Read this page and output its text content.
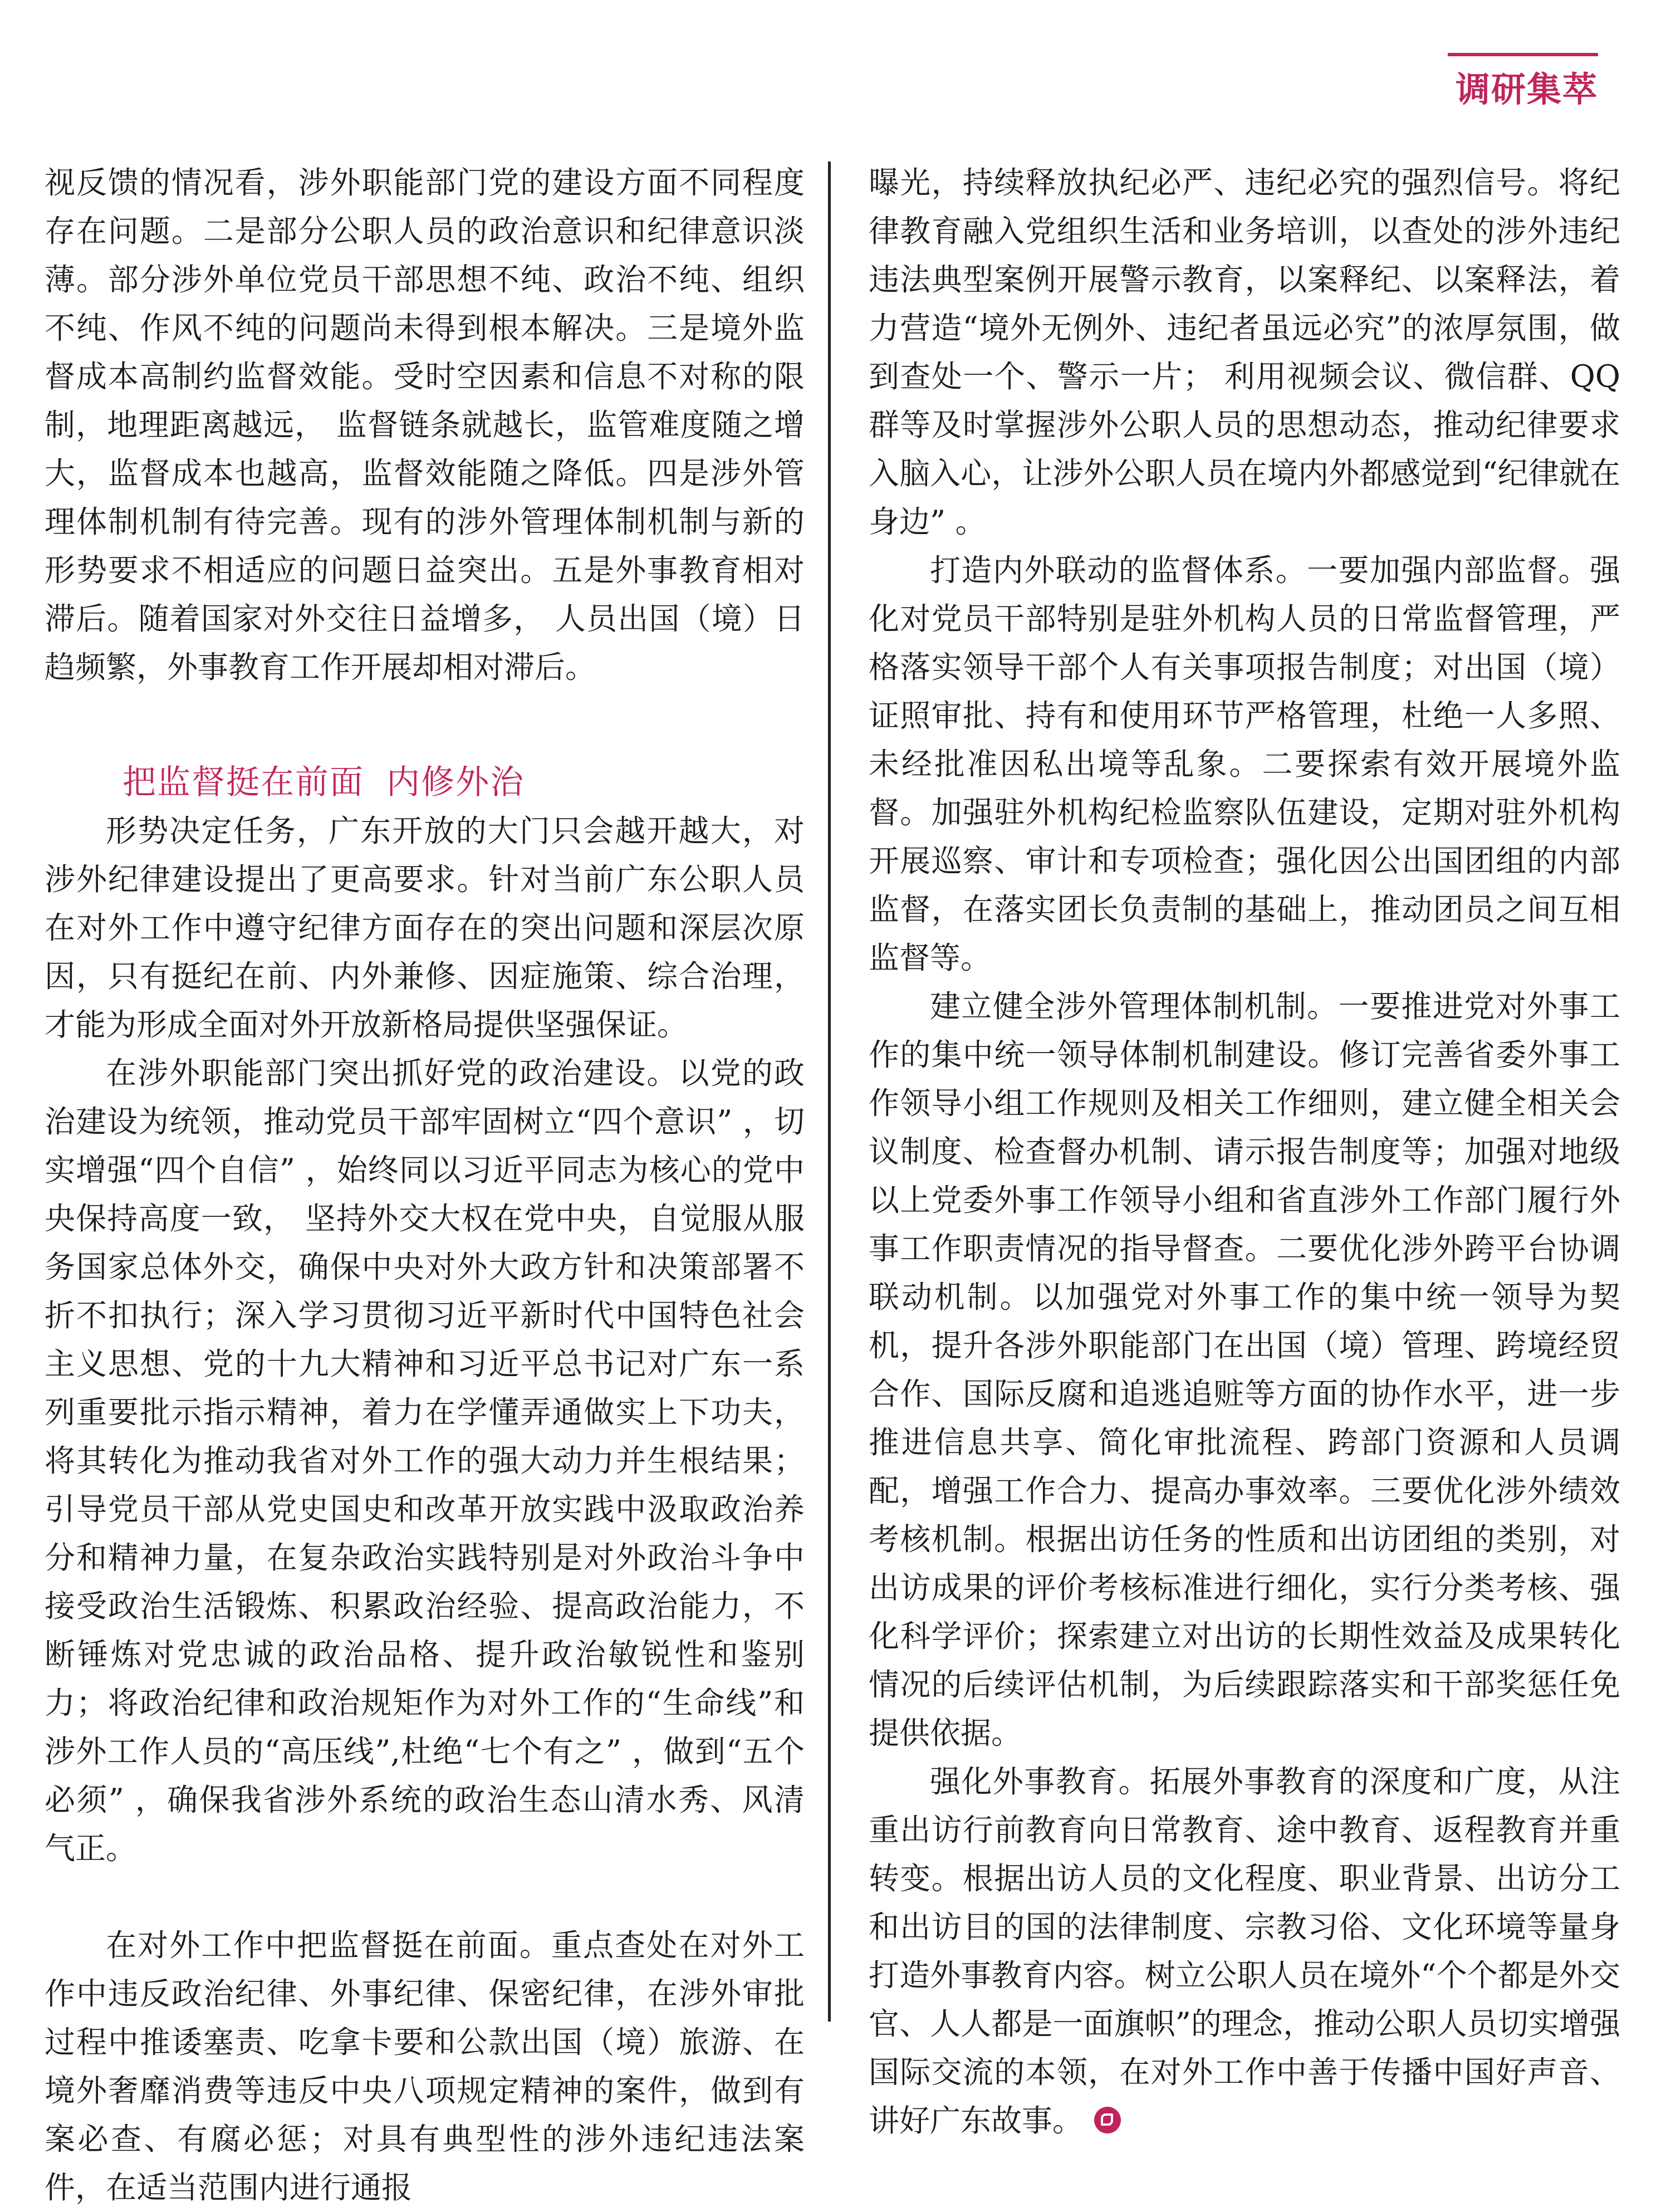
调研集萃

视反馈的情况看，涉外职能部门党的建设方面不同程度存在问题。二是部分公职人员的政治意识和纪律意识淡薄。部分涉外单位党员干部思想不纯、政治不纯、组织不纯、作风不纯的问题尚未得到根本解决。三是境外监督成本高制约监督效能。受时空因素和信息不对称的限制，地理距离越远， 监督链条就越长，监管难度随之增大，监督成本也越高，监督效能随之降低。四是涉外管理体制机制有待完善。现有的涉外管理体制机制与新的形势要求不相适应的问题日益突出。五是外事教育相对滞后。随着国家对外交往日益增多， 人员出国（境）日趋频繁，外事教育工作开展却相对滞后。

把监督挺在前面 内修外治

形势决定任务，广东开放的大门只会越开越大，对涉外纪律建设提出了更高要求。针对当前广东公职人员在对外工作中遵守纪律方面存在的突出问题和深层次原因，只有挺纪在前、内外兼修、因症施策、综合治理，才能为形成全面对外开放新格局提供坚强保证。

在涉外职能部门突出抓好党的政治建设。以党的政治建设为统领，推动党员干部牢固树立“四个意识” ，切实增强“四个自信” ，始终同以习近平同志为核心的党中央保持高度一致， 坚持外交大权在党中央，自觉服从服务国家总体外交，确保中央对外大政方针和决策部署不折不扣执行；深入学习贯彻习近平新时代中国特色社会主义思想、党的十九大精神和习近平总书记对广东一系列重要批示指示精神，着力在学懂弄通做实上下功夫，将其转化为推动我省对外工作的强大动力并生根结果；引导党员干部从党史国史和改革开放实践中汲取政治养分和精神力量，在复杂政治实践特别是对外政治斗争中接受政治生活锻炼、积累政治经验、提高政治能力，不断锤炼对党忠诚的政治品格、提升政治敏锐性和鉴别力；将政治纪律和政治规矩作为对外工作的“生命线”和涉外工作人员的“高压线”,杜绝“七个有之” ，做到“五个必须” ，确保我省涉外系统的政治生态山清水秀、风清气正。

在对外工作中把监督挺在前面。重点查处在对外工作中违反政治纪律、外事纪律、保密纪律，在涉外审批过程中推诿塞责、吃拿卡要和公款出国（境）旅游、在境外奢靡消费等违反中央八项规定精神的案件，做到有案必查、有腐必惩；对具有典型性的涉外违纪违法案件，在适当范围内进行通报

曝光，持续释放执纪必严、违纪必究的强烈信号。将纪律教育融入党组织生活和业务培训，以查处的涉外违纪违法典型案例开展警示教育，以案释纪、以案释法，着力营造“境外无例外、违纪者虽远必究”的浓厚氛围，做到查处一个、警示一片； 利用视频会议、微信群、QQ 群等及时掌握涉外公职人员的思想动态，推动纪律要求入脑入心，让涉外公职人员在境内外都感觉到“纪律就在身边” 。

打造内外联动的监督体系。一要加强内部监督。强化对党员干部特别是驻外机构人员的日常监督管理，严格落实领导干部个人有关事项报告制度；对出国（境）证照审批、持有和使用环节严格管理，杜绝一人多照、未经批准因私出境等乱象。二要探索有效开展境外监督。加强驻外机构纪检监察队伍建设，定期对驻外机构开展巡察、审计和专项检查；强化因公出国团组的内部监督，在落实团长负责制的基础上，推动团员之间互相监督等。

建立健全涉外管理体制机制。一要推进党对外事工作的集中统一领导体制机制建设。修订完善省委外事工作领导小组工作规则及相关工作细则，建立健全相关会议制度、检查督办机制、请示报告制度等；加强对地级以上党委外事工作领导小组和省直涉外工作部门履行外事工作职责情况的指导督查。二要优化涉外跨平台协调联动机制。以加强党对外事工作的集中统一领导为契机，提升各涉外职能部门在出国（境）管理、跨境经贸合作、国际反腐和追逃追赃等方面的协作水平，进一步推进信息共享、简化审批流程、跨部门资源和人员调配，增强工作合力、提高办事效率。三要优化涉外绩效考核机制。根据出访任务的性质和出访团组的类别，对出访成果的评价考核标准进行细化，实行分类考核、强化科学评价；探索建立对出访的长期性效益及成果转化情况的后续评估机制，为后续跟踪落实和干部奖惩任免提供依据。

强化外事教育。拓展外事教育的深度和广度，从注重出访行前教育向日常教育、途中教育、返程教育并重转变。根据出访人员的文化程度、职业背景、出访分工和出访目的国的法律制度、宗教习俗、文化环境等量身打造外事教育内容。树立公职人员在境外“个个都是外交官、人人都是一面旗帜”的理念，推动公职人员切实增强国际交流的本领，在对外工作中善于传播中国好声音、讲好广东故事。
